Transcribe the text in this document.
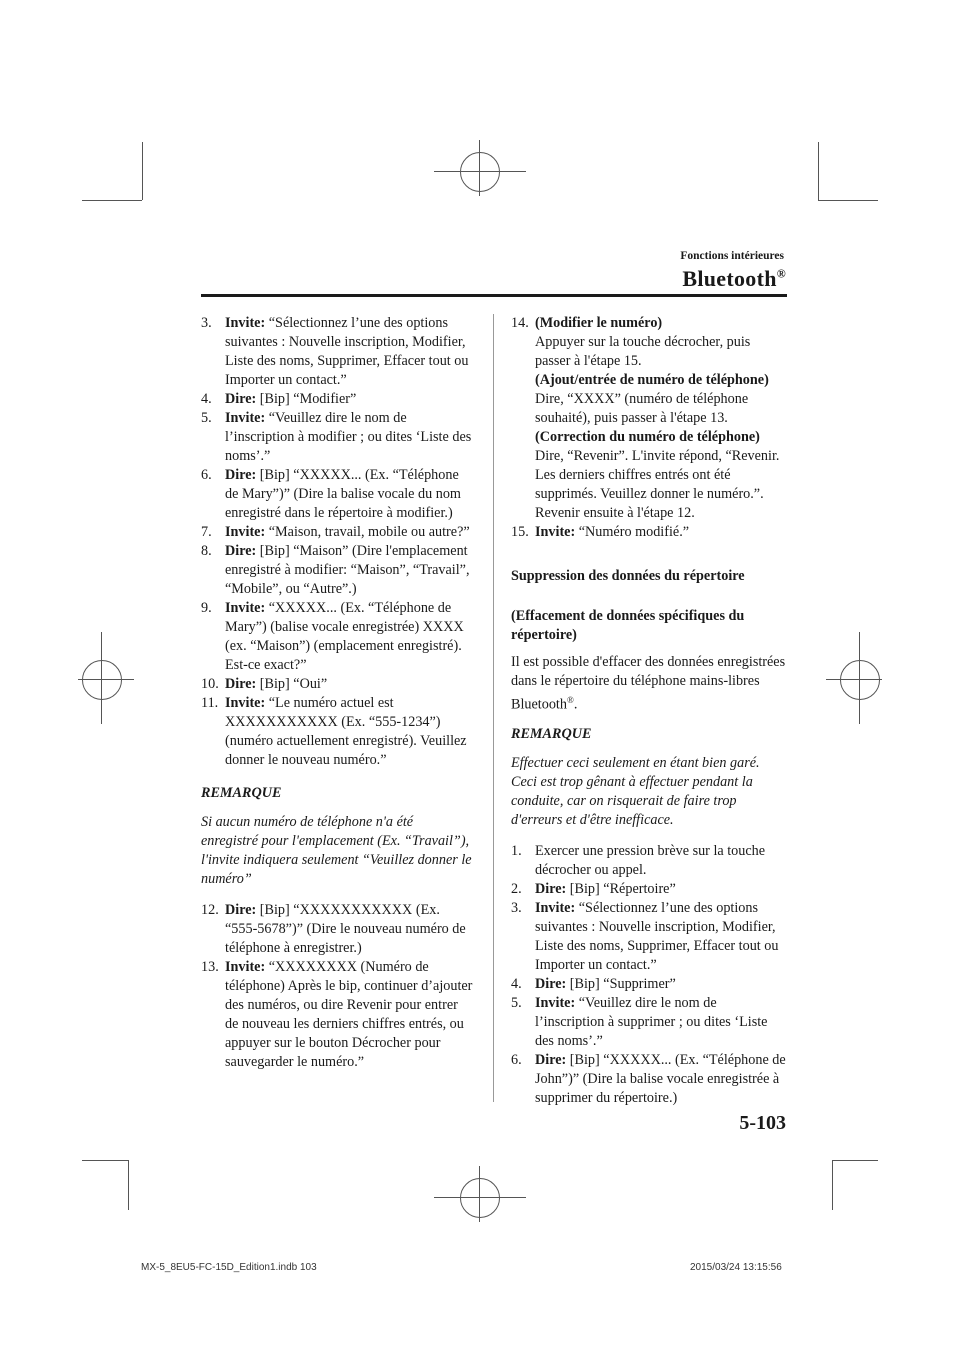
Fonctions intérieures
Bluetooth®

3. Invite: “Sélectionnez l’une des options suivantes : Nouvelle inscription, Modifier, Liste des noms, Supprimer, Effacer tout ou Importer un contact.”

4. Dire: [Bip] “Modifier”

5. Invite: “Veuillez dire le nom de l’inscription à modifier ; ou dites ‘Liste des noms’.”

6. Dire: [Bip] “XXXXX... (Ex. “Téléphone de Mary”)” (Dire la balise vocale du nom enregistré dans le répertoire à modifier.)

7. Invite: “Maison, travail, mobile ou autre?”

8. Dire: [Bip] “Maison” (Dire l'emplacement enregistré à modifier: “Maison”, “Travail”, “Mobile”, ou “Autre”.)

9. Invite: “XXXXX... (Ex. “Téléphone de Mary”) (balise vocale enregistrée) XXXX (ex. “Maison”) (emplacement enregistré). Est-ce exact?”

10. Dire: [Bip] “Oui”

11. Invite: “Le numéro actuel est XXXXXXXXXXX (Ex. “555-1234”) (numéro actuellement enregistré). Veuillez donner le nouveau numéro.”

REMARQUE

Si aucun numéro de téléphone n'a été enregistré pour l'emplacement (Ex. “Travail”), l'invite indiquera seulement “Veuillez donner le numéro”

12. Dire: [Bip] “XXXXXXXXXXX (Ex. “555-5678”)” (Dire le nouveau numéro de téléphone à enregistrer.)

13. Invite: “XXXXXXXX (Numéro de téléphone) Après le bip, continuer d’ajouter des numéros, ou dire Revenir pour entrer de nouveau les derniers chiffres entrés, ou appuyer sur le bouton Décrocher pour sauvegarder le numéro.”

14. (Modifier le numéro)
Appuyer sur la touche décrocher, puis passer à l'étape 15.
(Ajout/entrée de numéro de téléphone)
Dire, “XXXX” (numéro de téléphone souhaité), puis passer à l'étape 13.
(Correction du numéro de téléphone)
Dire, “Revenir”. L'invite répond, “Revenir. Les derniers chiffres entrés ont été supprimés. Veuillez donner le numéro.”. Revenir ensuite à l'étape 12.

15. Invite: “Numéro modifié.”

Suppression des données du répertoire

(Effacement de données spécifiques du répertoire)

Il est possible d'effacer des données enregistrées dans le répertoire du téléphone mains-libres Bluetooth®.

REMARQUE

Effectuer ceci seulement en étant bien garé. Ceci est trop gênant à effectuer pendant la conduite, car on risquerait de faire trop d'erreurs et d'être inefficace.

1. Exercer une pression brève sur la touche décrocher ou appel.

2. Dire: [Bip] “Répertoire”

3. Invite: “Sélectionnez l’une des options suivantes : Nouvelle inscription, Modifier, Liste des noms, Supprimer, Effacer tout ou Importer un contact.”

4. Dire: [Bip] “Supprimer”

5. Invite: “Veuillez dire le nom de l’inscription à supprimer ; ou dites ‘Liste des noms’.”

6. Dire: [Bip] “XXXXX... (Ex. “Téléphone de John”)” (Dire la balise vocale enregistrée à supprimer du répertoire.)

5-103
MX-5_8EU5-FC-15D_Edition1.indb 103	2015/03/24 13:15:56
